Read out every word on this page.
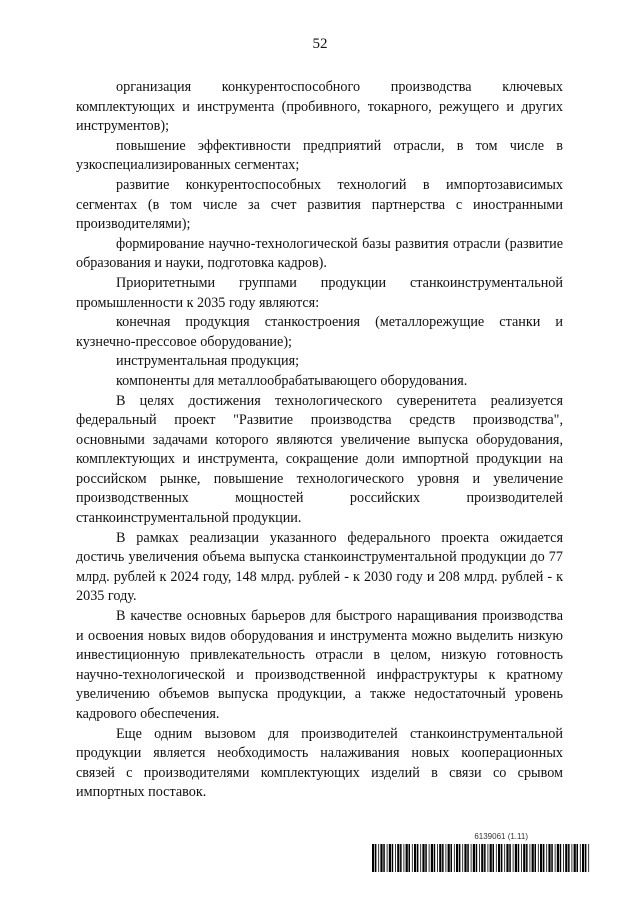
52

организация конкурентоспособного производства ключевых комплектующих и инструмента (пробивного, токарного, режущего и других инструментов);

повышение эффективности предприятий отрасли, в том числе в узкоспециализированных сегментах;

развитие конкурентоспособных технологий в импортозависимых сегментах (в том числе за счет развития партнерства с иностранными производителями);

формирование научно-технологической базы развития отрасли (развитие образования и науки, подготовка кадров).

Приоритетными группами продукции станкоинструментальной промышленности к 2035 году являются:

конечная продукция станкостроения (металлорежущие станки и кузнечно-прессовое оборудование);

инструментальная продукция;

компоненты для металлообрабатывающего оборудования.

В целях достижения технологического суверенитета реализуется федеральный проект "Развитие производства средств производства", основными задачами которого являются увеличение выпуска оборудования, комплектующих и инструмента, сокращение доли импортной продукции на российском рынке, повышение технологического уровня и увеличение производственных мощностей российских производителей станкоинструментальной продукции.

В рамках реализации указанного федерального проекта ожидается достичь увеличения объема выпуска станкоинструментальной продукции до 77 млрд. рублей к 2024 году, 148 млрд. рублей - к 2030 году и 208 млрд. рублей - к 2035 году.

В качестве основных барьеров для быстрого наращивания производства и освоения новых видов оборудования и инструмента можно выделить низкую инвестиционную привлекательность отрасли в целом, низкую готовность научно-технологической и производственной инфраструктуры к кратному увеличению объемов выпуска продукции, а также недостаточный уровень кадрового обеспечения.

Еще одним вызовом для производителей станкоинструментальной продукции является необходимость налаживания новых кооперационных связей с производителями комплектующих изделий в связи со срывом импортных поставок.

6139061 (1.11)
